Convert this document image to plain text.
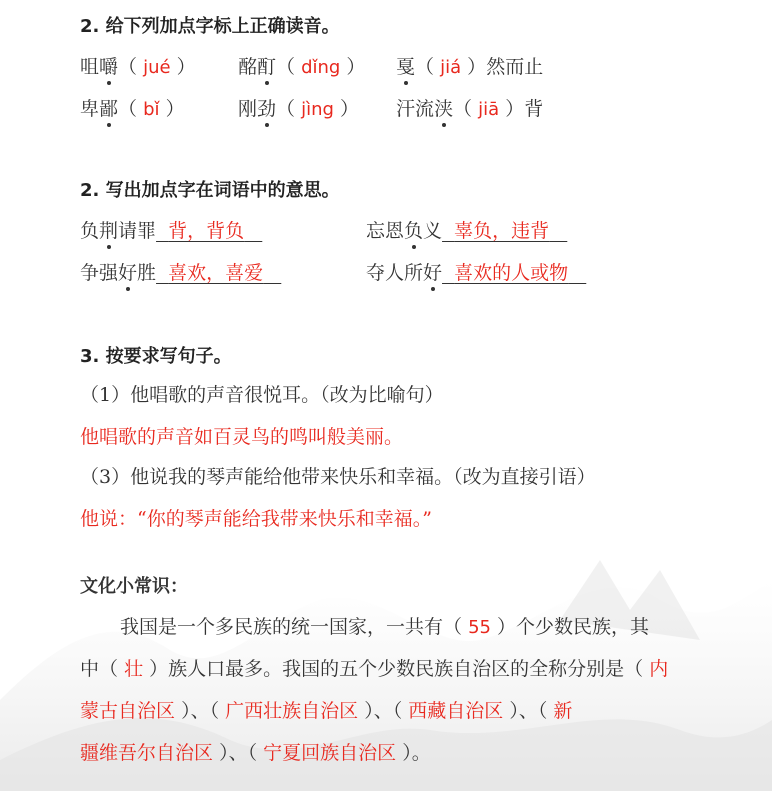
2. 给下列加点字标上正确读音。
咀嚼（ jué ） 酩酊（ dǐng ） 戛（ jiá ）然而止
卑鄙（ bǐ ）	刚劲（ jìng ） 汗流浃（ jiā ）背
2. 写出加点字在词语中的意思。
负荆请罪 背，背负	忘恩负义 辜负，违背
争强好胜 喜欢，喜爱	夺人所好 喜欢的人或物
3. 按要求写句子。
（1）他唱歌的声音很悦耳。（改为比喻句）
他唱歌的声音如百灵鸟的鸣叫般美丽。
（3）他说我的琴声能给他带来快乐和幸福。（改为直接引语）
他说：“你的琴声能给我带来快乐和幸福。”
文化小常识：
我国是一个多民族的统一国家，一共有（ 55 ）个少数民族，其
中（ 壮 ）族人口最多。我国的五个少数民族自治区的全称分别是（ 内
蒙古自治区 ）、（ 广西壮族自治区 ）、（ 西藏自治区 ）、（ 新
疆维吾尔自治区 ）、（ 宁夏回族自治区 ）。
